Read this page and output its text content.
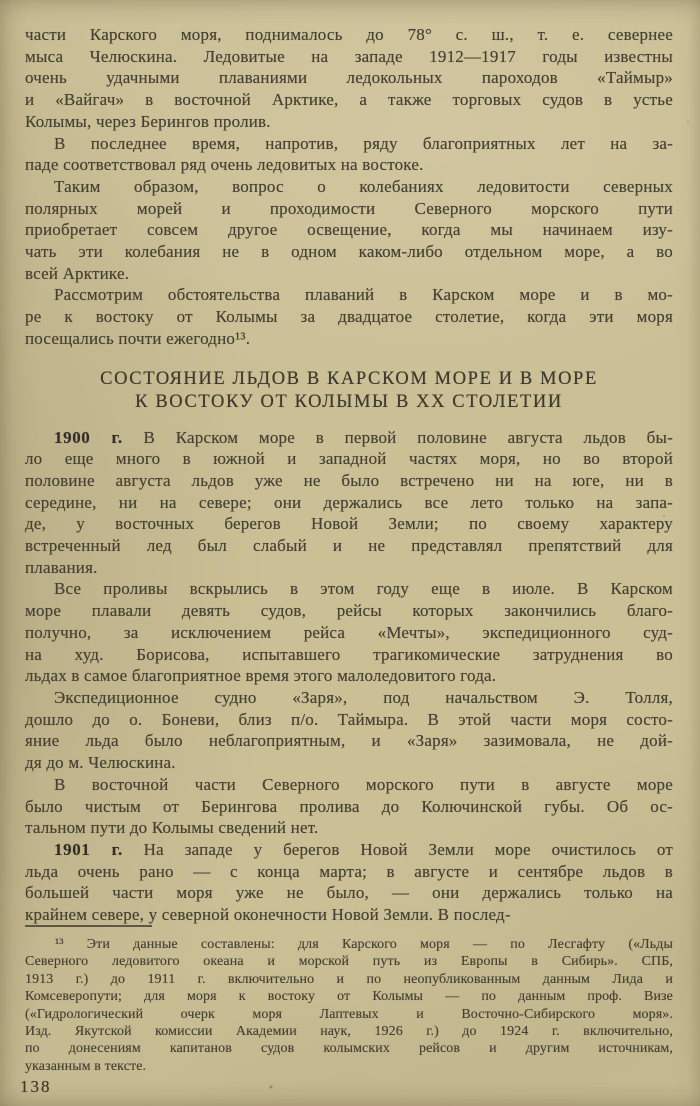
части Карского моря, поднималось до 78° с. ш., т. е. севернее
мыса Челюскина. Ледовитые на западе 1912—1917 годы известны
очень удачными плаваниями ледокольных пароходов «Таймыр»
и «Вайгач» в восточной Арктике, а также торговых судов в устье
Колымы, через Берингов пролив.

В последнее время, напротив, ряду благоприятных лет на за-
паде соответствовал ряд очень ледовитых на востоке.

Таким образом, вопрос о колебаниях ледовитости северных
полярных морей и проходимости Северного морского пути
приобретает совсем другое освещение, когда мы начинаем изу-
чать эти колебания не в одном каком-либо отдельном море, а во
всей Арктике.

Рассмотрим обстоятельства плаваний в Карском море и в мо-
ре к востоку от Колымы за двадцатое столетие, когда эти моря
посещались почти ежегодно¹³.

СОСТОЯНИЕ ЛЬДОВ В КАРСКОМ МОРЕ И В МОРЕ
К ВОСТОКУ ОТ КОЛЫМЫ В XX СТОЛЕТИИ

1900 г. В Карском море в первой половине августа льдов бы-
ло еще много в южной и западной частях моря, но во второй
половине августа льдов уже не было встречено ни на юге, ни в
середине, ни на севере; они держались все лето только на запа-
де, у восточных берегов Новой Земли; по своему характеру
встреченный лед был слабый и не представлял препятствий для
плавания.

Все проливы вскрылись в этом году еще в июле. В Карском
море плавали девять судов, рейсы которых закончились благо-
получно, за исключением рейса «Мечты», экспедиционного суд-
на худ. Борисова, испытавшего трагикомические затруднения во
льдах в самое благоприятное время этого малоледовитого года.

Экспедиционное судно «Заря», под начальством Э. Толля,
дошло до о. Боневи, близ п/о. Таймыра. В этой части моря состо-
яние льда было неблагоприятным, и «Заря» зазимовала, не дой-
дя до м. Челюскина.

В восточной части Северного морского пути в августе море
было чистым от Берингова пролива до Колючинской губы. Об ос-
тальном пути до Колымы сведений нет.

1901 г. На западе у берегов Новой Земли море очистилось от
льда очень рано — с конца марта; в августе и сентябре льдов в
большей части моря уже не было, — они держались только на
крайнем севере, у северной оконечности Новой Земли. В послед-

¹³ Эти данные составлены: для Карского моря — по Лесгафту («Льды
Северного ледовитого океана и морской путь из Европы в Сибирь». СПБ,
1913 г.) до 1911 г. включительно и по неопубликованным данным Лида и
Комсеверопути; для моря к востоку от Колымы — по данным проф. Визе
(«Гидрологический очерк моря Лаптевых и Восточно-Сибирского моря».
Изд. Якутской комиссии Академии наук, 1926 г.) до 1924 г. включительно,
по донесениям капитанов судов колымских рейсов и другим источникам,
указанным в тексте.

138
